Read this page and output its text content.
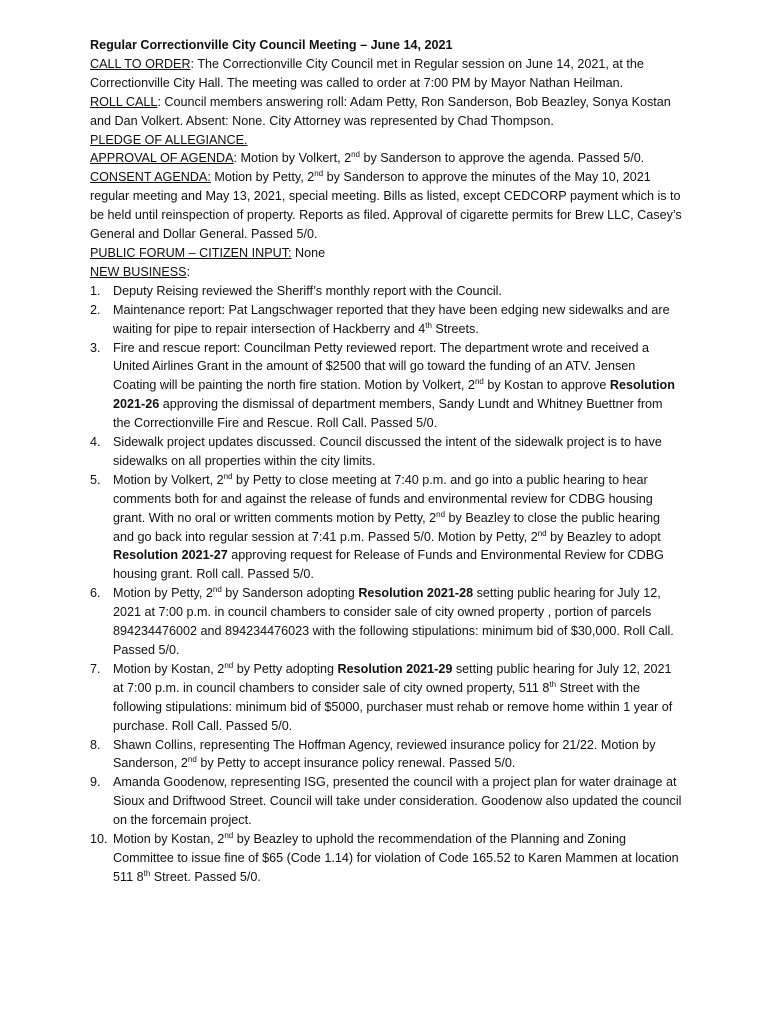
Regular Correctionville City Council Meeting – June 14, 2021

CALL TO ORDER: The Correctionville City Council met in Regular session on June 14, 2021, at the Correctionville City Hall. The meeting was called to order at 7:00 PM by Mayor Nathan Heilman.

ROLL CALL: Council members answering roll: Adam Petty, Ron Sanderson, Bob Beazley, Sonya Kostan and Dan Volkert. Absent: None. City Attorney was represented by Chad Thompson.

PLEDGE OF ALLEGIANCE.

APPROVAL OF AGENDA: Motion by Volkert, 2nd by Sanderson to approve the agenda. Passed 5/0.

CONSENT AGENDA: Motion by Petty, 2nd by Sanderson to approve the minutes of the May 10, 2021 regular meeting and May 13, 2021, special meeting. Bills as listed, except CEDCORP payment which is to be held until reinspection of property. Reports as filed. Approval of cigarette permits for Brew LLC, Casey’s General and Dollar General. Passed 5/0.

PUBLIC FORUM – CITIZEN INPUT: None

NEW BUSINESS:

1. Deputy Reising reviewed the Sheriff’s monthly report with the Council.
2. Maintenance report: Pat Langschwager reported that they have been edging new sidewalks and are waiting for pipe to repair intersection of Hackberry and 4th Streets.
3. Fire and rescue report: Councilman Petty reviewed report. The department wrote and received a United Airlines Grant in the amount of $2500 that will go toward the funding of an ATV. Jensen Coating will be painting the north fire station. Motion by Volkert, 2nd by Kostan to approve Resolution 2021-26 approving the dismissal of department members, Sandy Lundt and Whitney Buettner from the Correctionville Fire and Rescue. Roll Call. Passed 5/0.
4. Sidewalk project updates discussed. Council discussed the intent of the sidewalk project is to have sidewalks on all properties within the city limits.
5. Motion by Volkert, 2nd by Petty to close meeting at 7:40 p.m. and go into a public hearing to hear comments both for and against the release of funds and environmental review for CDBG housing grant. With no oral or written comments motion by Petty, 2nd by Beazley to close the public hearing and go back into regular session at 7:41 p.m. Passed 5/0. Motion by Petty, 2nd by Beazley to adopt Resolution 2021-27 approving request for Release of Funds and Environmental Review for CDBG housing grant. Roll call. Passed 5/0.
6. Motion by Petty, 2nd by Sanderson adopting Resolution 2021-28 setting public hearing for July 12, 2021 at 7:00 p.m. in council chambers to consider sale of city owned property , portion of parcels 894234476002 and 894234476023 with the following stipulations: minimum bid of $30,000. Roll Call. Passed 5/0.
7. Motion by Kostan, 2nd by Petty adopting Resolution 2021-29 setting public hearing for July 12, 2021 at 7:00 p.m. in council chambers to consider sale of city owned property, 511 8th Street with the following stipulations: minimum bid of $5000, purchaser must rehab or remove home within 1 year of purchase. Roll Call. Passed 5/0.
8. Shawn Collins, representing The Hoffman Agency, reviewed insurance policy for 21/22. Motion by Sanderson, 2nd by Petty to accept insurance policy renewal. Passed 5/0.
9. Amanda Goodenow, representing ISG, presented the council with a project plan for water drainage at Sioux and Driftwood Street. Council will take under consideration. Goodenow also updated the council on the forcemain project.
10. Motion by Kostan, 2nd by Beazley to uphold the recommendation of the Planning and Zoning Committee to issue fine of $65 (Code 1.14) for violation of Code 165.52 to Karen Mammen at location 511 8th Street. Passed 5/0.
